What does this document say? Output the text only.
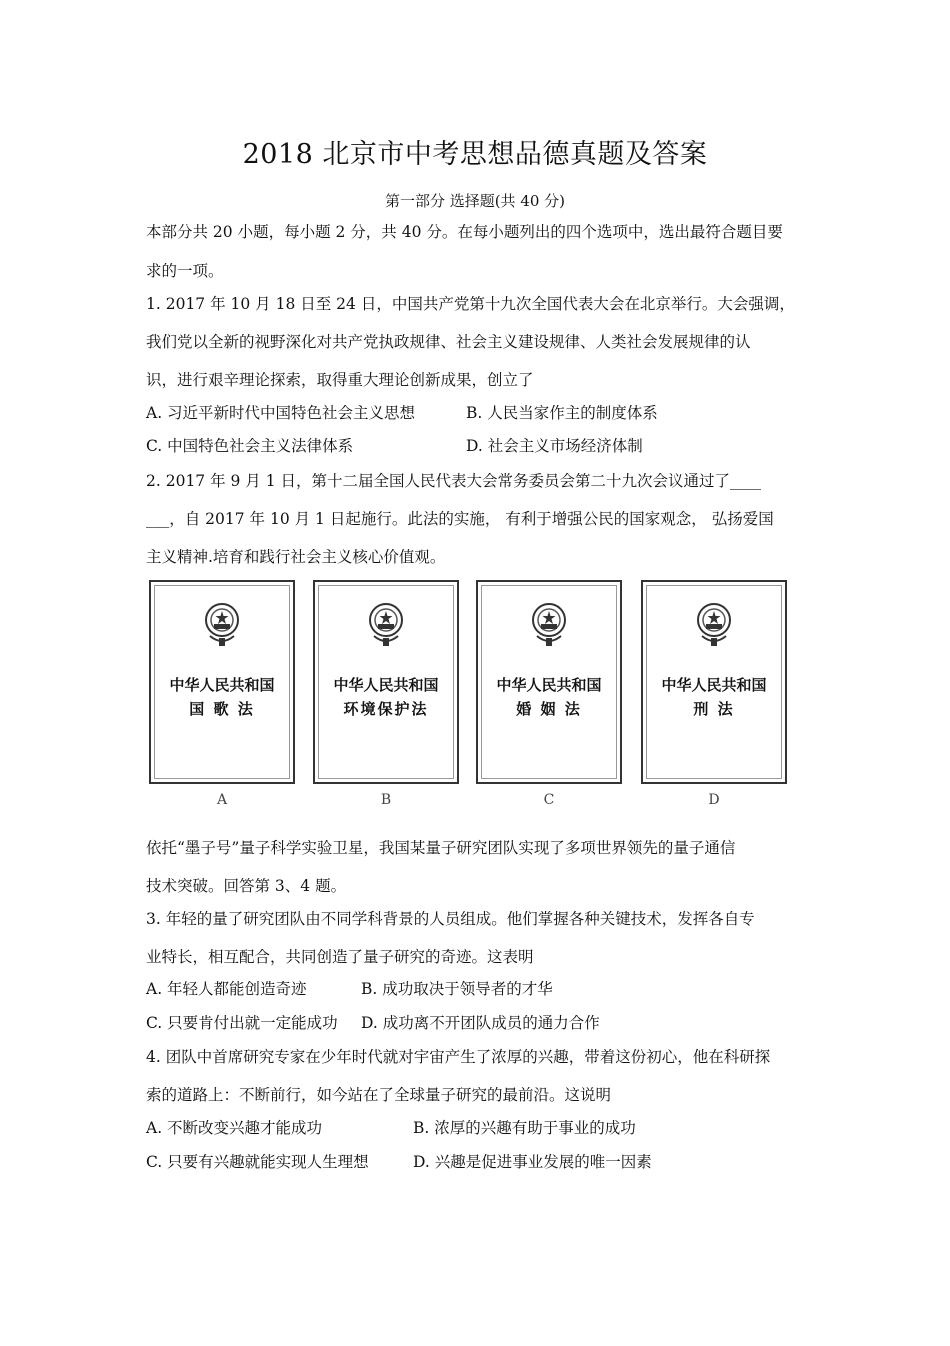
2018 北京市中考思想品德真题及答案
第一部分 选择题(共 40 分)
本部分共 20 小题，每小题 2 分，共 40 分。在每小题列出的四个选项中，选出最符合题目要
求的一项。
1. 2017 年 10 月 18 日至 24 日，中国共产党第十九次全国代表大会在北京举行。大会强调，
我们党以全新的视野深化对共产党执政规律、社会主义建设规律、人类社会发展规律的认
识，进行艰辛理论探索，取得重大理论创新成果，创立了
A. 习近平新时代中国特色社会主义思想	B. 人民当家作主的制度体系
C. 中国特色社会主义法律体系	D. 社会主义市场经济体制
2. 2017 年 9 月 1 日，第十二届全国人民代表大会常务委员会第二十九次会议通过了____
___，自 2017 年 10 月 1 日起施行。此法的实施， 有利于增强公民的国家观念， 弘扬爱国
主义精神.培育和践行社会主义核心价值观。
中华人民共和国
国 歌 法
A
中华人民共和国
环境保护法
B
中华人民共和国
婚 姻 法
C
中华人民共和国
刑 法
D
依托“墨子号”量子科学实验卫星，我国某量子研究团队实现了多项世界领先的量子通信
技术突破。回答第 3、4 题。
3. 年轻的量了研究团队由不同学科背景的人员组成。他们掌握各种关键技术，发挥各自专
业特长，相互配合，共同创造了量子研究的奇迹。这表明
A. 年轻人都能创造奇迹	B. 成功取决于领导者的才华
C. 只要肯付出就一定能成功 D. 成功离不开团队成员的通力合作
4. 团队中首席研究专家在少年时代就对宇宙产生了浓厚的兴趣，带着这份初心，他在科研探
索的道路上：不断前行，如今站在了全球量子研究的最前沿。这说明
A. 不断改变兴趣才能成功	B. 浓厚的兴趣有助于事业的成功
C. 只要有兴趣就能实现人生理想	D. 兴趣是促进事业发展的唯一因素
